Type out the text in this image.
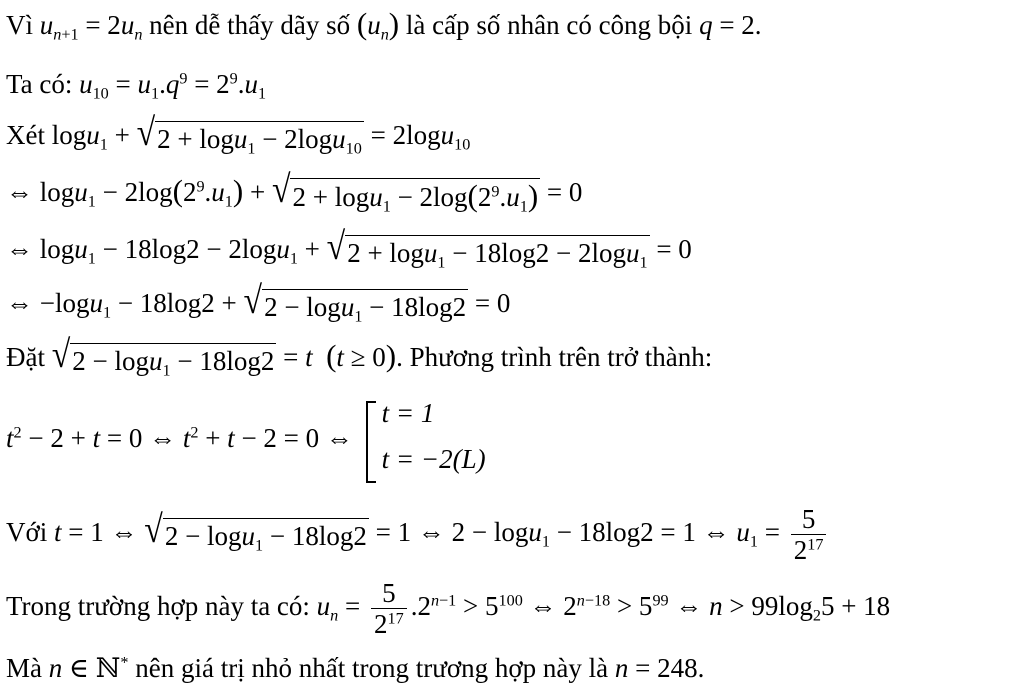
Vì $u_{n+1} = 2u_n$ nên dễ thấy dãy số $(u_n)$ là cấp số nhân có công bội q = 2.
Ta có: $u_{10} = u_1.q^9 = 2^9.u_1$
Xét logu$_1$ + √ 2 + logu$_1$ − 2logu$_{10}$ = 2logu$_{10}$
⇔ $\log u_1 - 2\log(2^9.u_1)$ + √ $2 + \log u_1 - 2\log(2^9.u_1) = 0$
⇔ logu$_1$ − 18log2 − 2logu$_1$ + √ 2 + logu$_1$ − 18log2 − 2logu$_1$ = 0
⇔ −logu$_1$ − 18log2 + √ 2 − logu$_1$ − 18log2 = 0
Đặt √ 2 − logu$_1$ − 18log2 = t (t ≥ 0). Phương trình trên trở thành:
$t^2 - 2 + t = 0$ ⇔ $t^2 + t - 2 = 0$ ⇔
t = 1
t = −2(L)
Với t = 1 ⇔ √ 2 − logu$_1$ − 18log2 = 1 ⇔ 2 − logu$_1$ − 18log2 = 1 ⇔ $u_1 = \frac{5}{2^{17}}$
Trong trường hợp này ta có: $u_n = \frac{5}{2^{17}} .2^{n-1} > 5^{100}$ ⇔ $2^{n-18} > 5^{99}$ ⇔ $n > 99\log_25 + 18$
Mà n ∈ ℕ* nên giá trị nhỏ nhất trong trương hợp này là n = 248.
